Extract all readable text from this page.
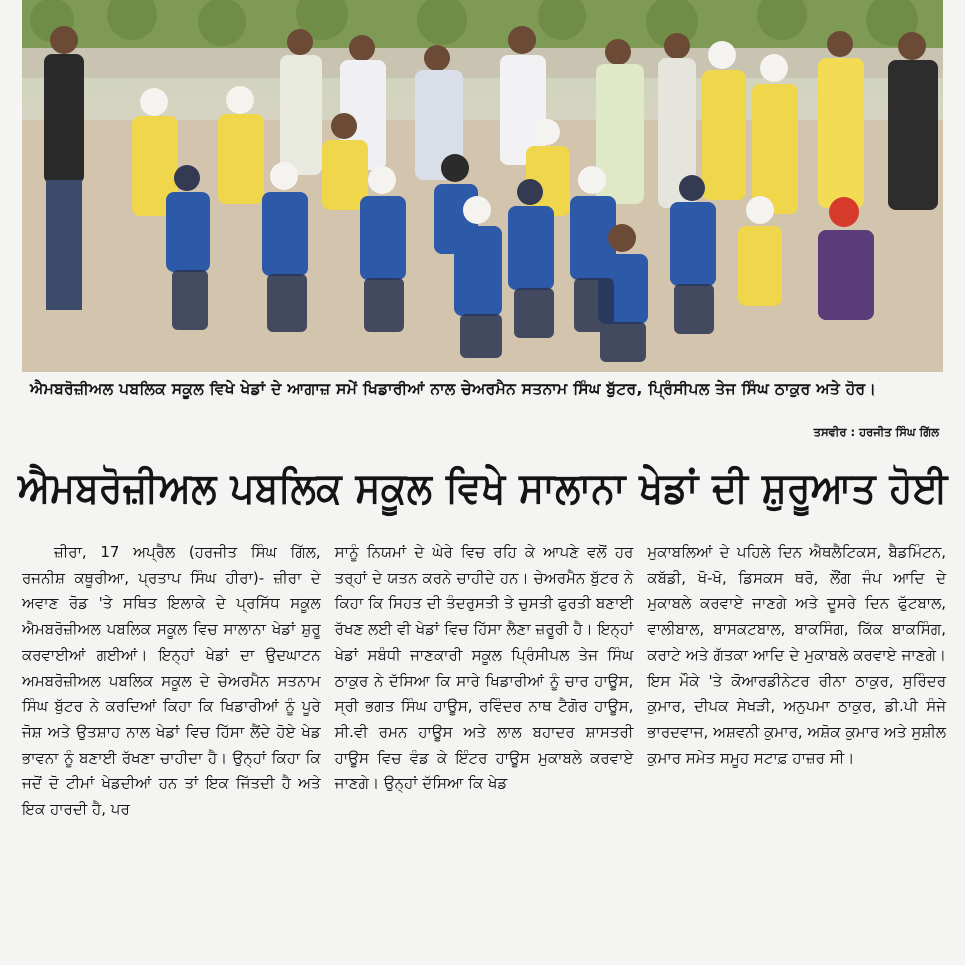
ਐਮਬਰੋਜ਼ੀਅਲ ਪਬਲਿਕ ਸਕੂਲ ਵਿਖੇ ਖੇਡਾਂ ਦੇ ਆਗਾਜ਼ ਸਮੇਂ ਖਿਡਾਰੀਆਂ ਨਾਲ ਚੇਅਰਮੈਨ ਸਤਨਾਮ ਸਿੰਘ ਬੁੱਟਰ, ਪ੍ਰਿੰਸੀਪਲ ਤੇਜ ਸਿੰਘ ਠਾਕੁਰ ਅਤੇ ਹੋਰ।
ਤਸਵੀਰ : ਹਰਜੀਤ ਸਿੰਘ ਗਿੱਲ
ਐਮਬਰੋਜ਼ੀਅਲ ਪਬਲਿਕ ਸਕੂਲ ਵਿਖੇ ਸਾਲਾਨਾ ਖੇਡਾਂ ਦੀ ਸ਼ੁਰੂਆਤ ਹੋਈ

ਜ਼ੀਰਾ, 17 ਅਪ੍ਰੈਲ (ਹਰਜੀਤ ਸਿੰਘ ਗਿੱਲ, ਰਜਨੀਸ਼ ਕਥੂਰੀਆ, ਪ੍ਰਤਾਪ ਸਿੰਘ ਹੀਰਾ)- ਜ਼ੀਰਾ ਦੇ ਅਵਾਣ ਰੋਡ 'ਤੇ ਸਥਿਤ ਇਲਾਕੇ ਦੇ ਪ੍ਰਸਿੱਧ ਸਕੂਲ ਐਮਬਰੋਜ਼ੀਅਲ ਪਬਲਿਕ ਸਕੂਲ ਵਿਚ ਸਾਲਾਨਾ ਖੇਡਾਂ ਸ਼ੁਰੂ ਕਰਵਾਈਆਂ ਗਈਆਂ। ਇਨ੍ਹਾਂ ਖੇਡਾਂ ਦਾ ਉਦਘਾਟਨ ਅਮਬਰੋਜ਼ੀਅਲ ਪਬਲਿਕ ਸਕੂਲ ਦੇ ਚੇਅਰਮੈਨ ਸਤਨਾਮ ਸਿੰਘ ਬੁੱਟਰ ਨੇ ਕਰਦਿਆਂ ਕਿਹਾ ਕਿ ਖਿਡਾਰੀਆਂ ਨੂੰ ਪੂਰੇ ਜੋਸ਼ ਅਤੇ ਉਤਸ਼ਾਹ ਨਾਲ ਖੇਡਾਂ ਵਿਚ ਹਿੱਸਾ ਲੈਂਦੇ ਹੋਏ ਖੇਡ ਭਾਵਨਾ ਨੂੰ ਬਣਾਈ ਰੱਖਣਾ ਚਾਹੀਦਾ ਹੈ। ਉਨ੍ਹਾਂ ਕਿਹਾ ਕਿ ਜਦੋਂ ਦੋ ਟੀਮਾਂ ਖੇਡਦੀਆਂ ਹਨ ਤਾਂ ਇਕ ਜਿੱਤਦੀ ਹੈ ਅਤੇ ਇਕ ਹਾਰਦੀ ਹੈ, ਪਰ

ਸਾਨੂੰ ਨਿਯਮਾਂ ਦੇ ਘੇਰੇ ਵਿਚ ਰਹਿ ਕੇ ਆਪਣੇ ਵਲੋਂ ਹਰ ਤਰ੍ਹਾਂ ਦੇ ਯਤਨ ਕਰਨੇ ਚਾਹੀਦੇ ਹਨ। ਚੇਅਰਮੈਨ ਬੁੱਟਰ ਨੇ ਕਿਹਾ ਕਿ ਸਿਹਤ ਦੀ ਤੰਦਰੁਸਤੀ ਤੇ ਚੁਸਤੀ ਫੁਰਤੀ ਬਣਾਈ ਰੱਖਣ ਲਈ ਵੀ ਖੇਡਾਂ ਵਿਚ ਹਿੱਸਾ ਲੈਣਾ ਜ਼ਰੂਰੀ ਹੈ। ਇਨ੍ਹਾਂ ਖੇਡਾਂ ਸਬੰਧੀ ਜਾਣਕਾਰੀ ਸਕੂਲ ਪ੍ਰਿੰਸੀਪਲ ਤੇਜ ਸਿੰਘ ਠਾਕੁਰ ਨੇ ਦੱਸਿਆ ਕਿ ਸਾਰੇ ਖਿਡਾਰੀਆਂ ਨੂੰ ਚਾਰ ਹਾਊਸ, ਸ੍ਰੀ ਭਗਤ ਸਿੰਘ ਹਾਊਸ, ਰਵਿੰਦਰ ਨਾਥ ਟੈਗੋਰ ਹਾਊਸ, ਸੀ.ਵੀ ਰਮਨ ਹਾਊਸ ਅਤੇ ਲਾਲ ਬਹਾਦਰ ਸ਼ਾਸਤਰੀ ਹਾਊਸ ਵਿਚ ਵੰਡ ਕੇ ਇੰਟਰ ਹਾਊਸ ਮੁਕਾਬਲੇ ਕਰਵਾਏ ਜਾਣਗੇ। ਉਨ੍ਹਾਂ ਦੱਸਿਆ ਕਿ ਖੇਡ

ਮੁਕਾਬਲਿਆਂ ਦੇ ਪਹਿਲੇ ਦਿਨ ਐਥਲੈਟਿਕਸ, ਬੈਡਮਿੰਟਨ, ਕਬੱਡੀ, ਖੋ-ਖੋ, ਡਿਸਕਸ ਥਰੋ, ਲੌਂਗ ਜੰਪ ਆਦਿ ਦੇ ਮੁਕਾਬਲੇ ਕਰਵਾਏ ਜਾਣਗੇ ਅਤੇ ਦੂਸਰੇ ਦਿਨ ਫੁੱਟਬਾਲ, ਵਾਲੀਬਾਲ, ਬਾਸਕਟਬਾਲ, ਬਾਕਸਿੰਗ, ਕਿੱਕ ਬਾਕਸਿੰਗ, ਕਰਾਟੇ ਅਤੇ ਗੱਤਕਾ ਆਦਿ ਦੇ ਮੁਕਾਬਲੇ ਕਰਵਾਏ ਜਾਣਗੇ। ਇਸ ਮੌਕੇ 'ਤੇ ਕੋਆਰਡੀਨੇਟਰ ਰੀਨਾ ਠਾਕੁਰ, ਸੁਰਿੰਦਰ ਕੁਮਾਰ, ਦੀਪਕ ਸੇਖੜੀ, ਅਨੁਪਮਾ ਠਾਕੁਰ, ਡੀ.ਪੀ ਸੰਜੇ ਭਾਰਦਵਾਜ, ਅਸ਼ਵਨੀ ਕੁਮਾਰ, ਅਸ਼ੋਕ ਕੁਮਾਰ ਅਤੇ ਸੁਸ਼ੀਲ ਕੁਮਾਰ ਸਮੇਤ ਸਮੂਹ ਸਟਾਫ਼ ਹਾਜ਼ਰ ਸੀ।
